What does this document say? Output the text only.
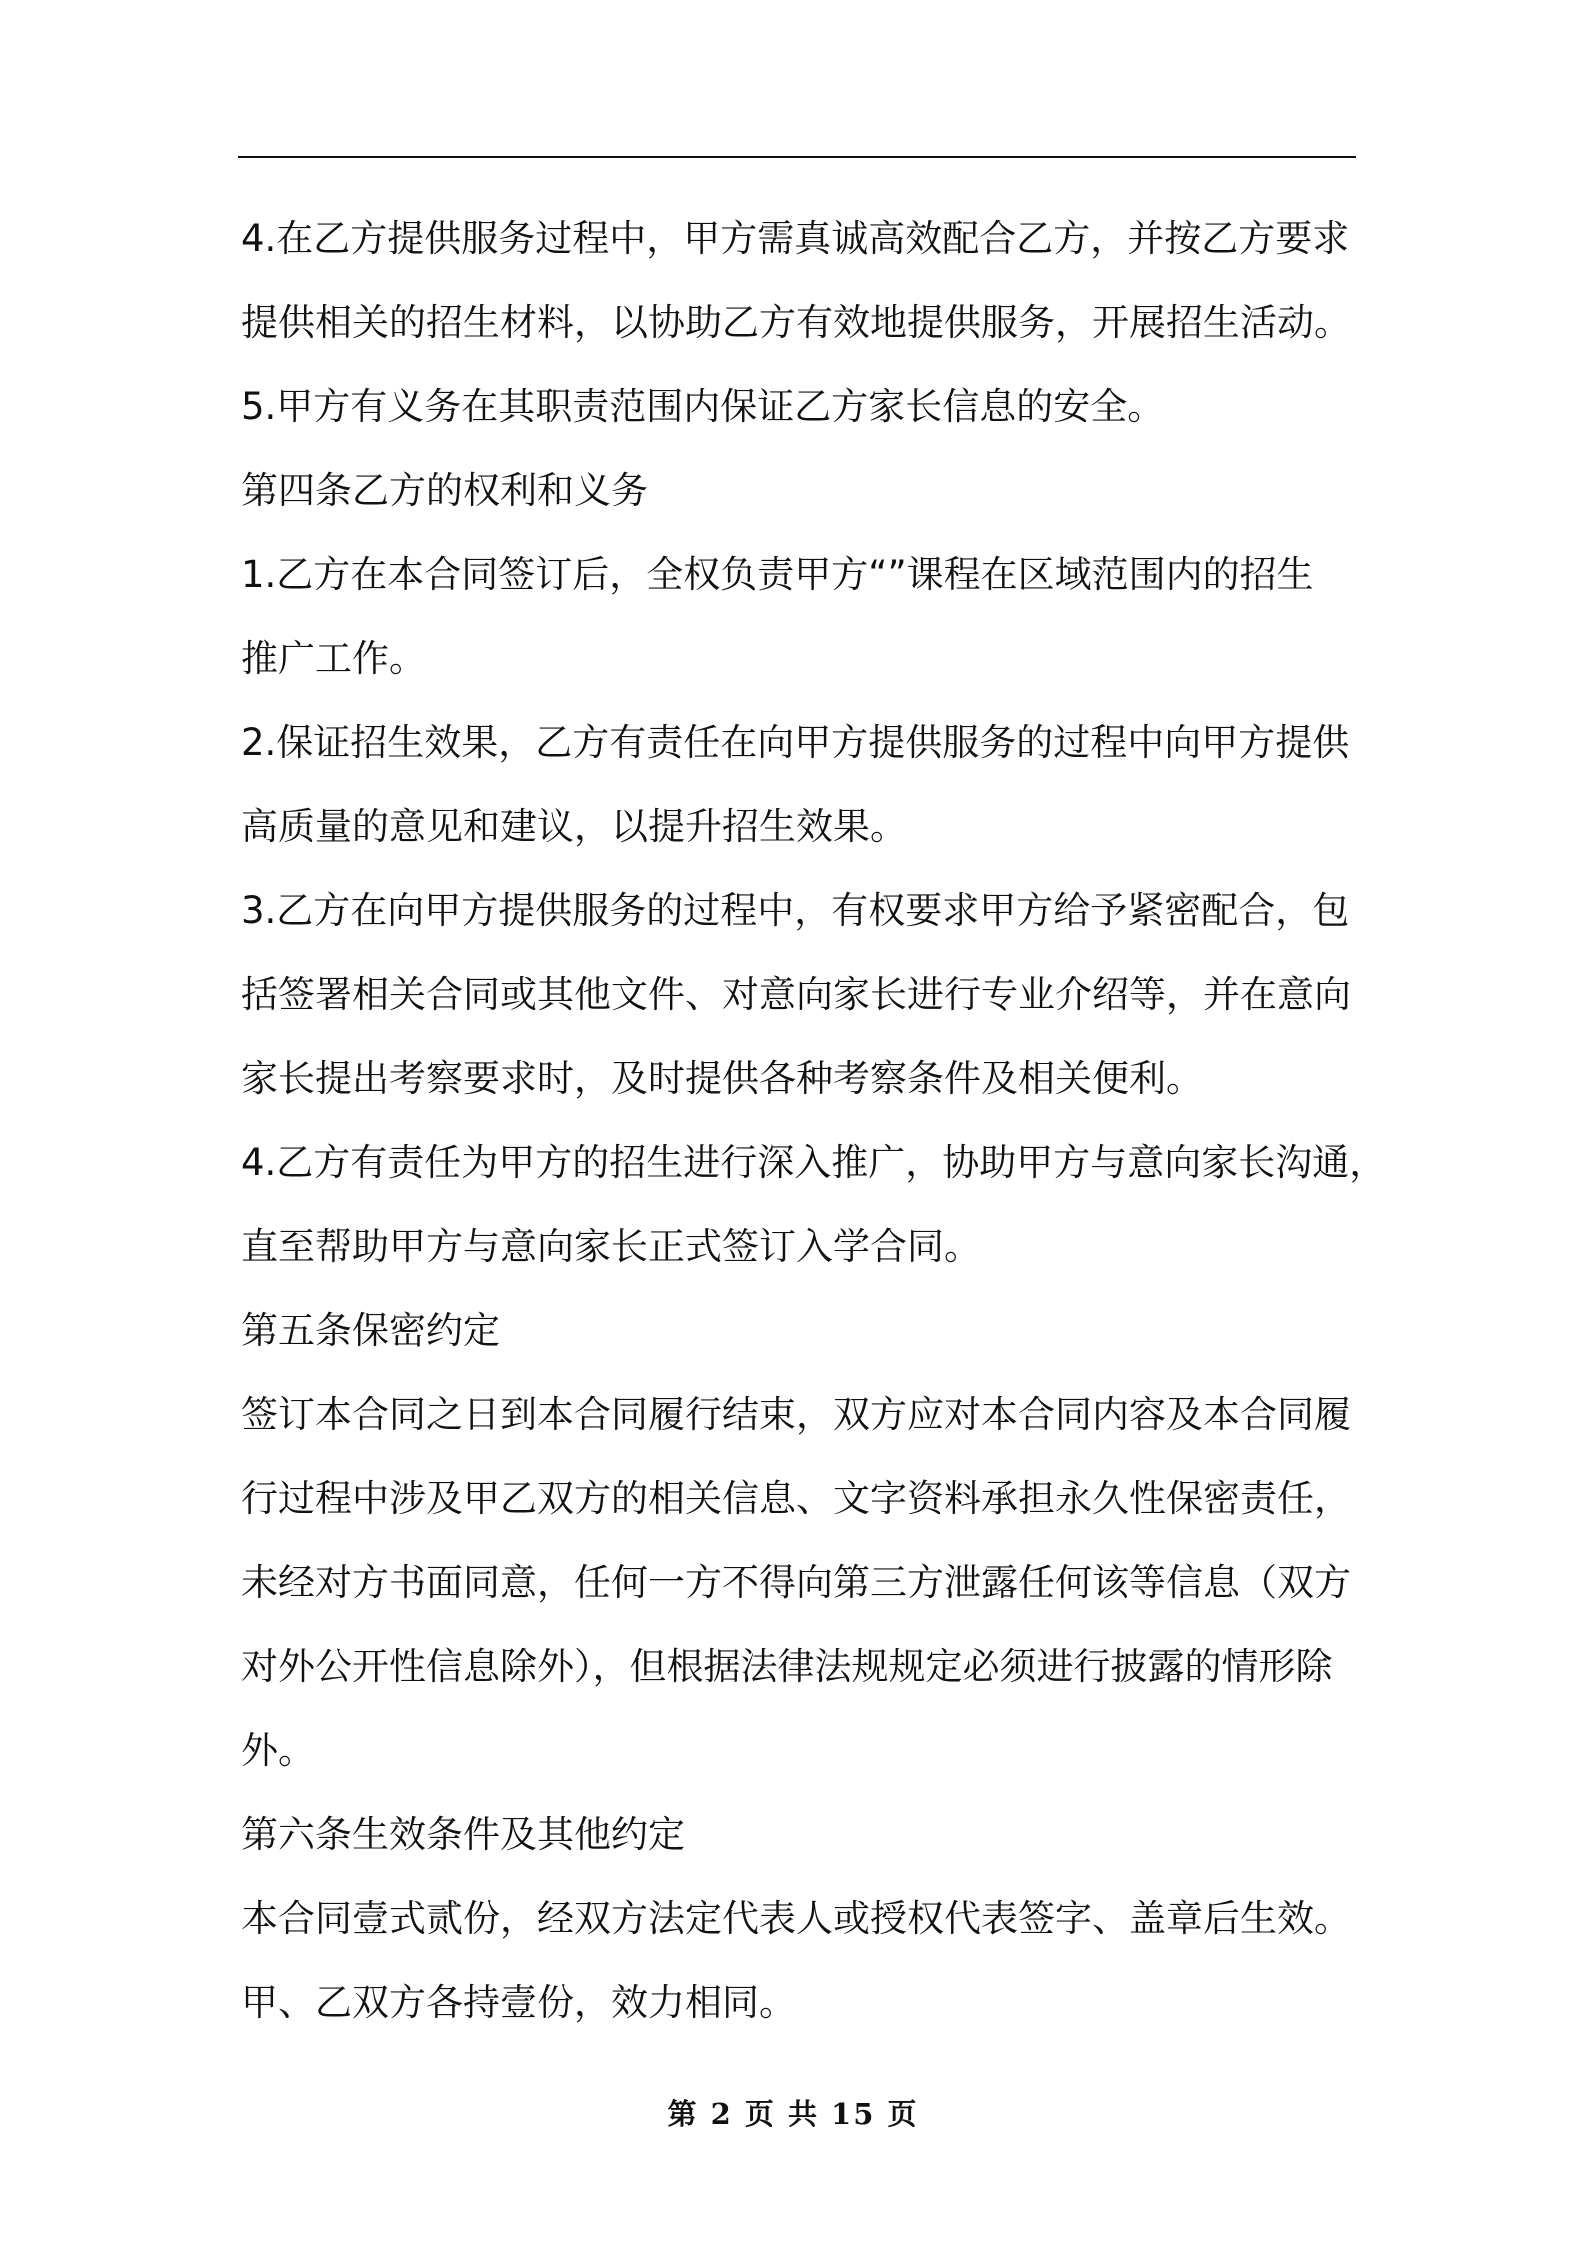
4.在乙方提供服务过程中，甲方需真诚高效配合乙方，并按乙方要求
提供相关的招生材料，以协助乙方有效地提供服务，开展招生活动。
5.甲方有义务在其职责范围内保证乙方家长信息的安全。
第四条乙方的权利和义务
1.乙方在本合同签订后，全权负责甲方“”课程在区域范围内的招生
推广工作。
2.保证招生效果，乙方有责任在向甲方提供服务的过程中向甲方提供
高质量的意见和建议，以提升招生效果。
3.乙方在向甲方提供服务的过程中，有权要求甲方给予紧密配合，包
括签署相关合同或其他文件、对意向家长进行专业介绍等，并在意向
家长提出考察要求时，及时提供各种考察条件及相关便利。
4.乙方有责任为甲方的招生进行深入推广，协助甲方与意向家长沟通，
直至帮助甲方与意向家长正式签订入学合同。
第五条保密约定
签订本合同之日到本合同履行结束，双方应对本合同内容及本合同履
行过程中涉及甲乙双方的相关信息、文字资料承担永久性保密责任，
未经对方书面同意，任何一方不得向第三方泄露任何该等信息（双方
对外公开性信息除外），但根据法律法规规定必须进行披露的情形除
外。
第六条生效条件及其他约定
本合同壹式贰份，经双方法定代表人或授权代表签字、盖章后生效。
甲、乙双方各持壹份，效力相同。
第 2 页 共 15 页
